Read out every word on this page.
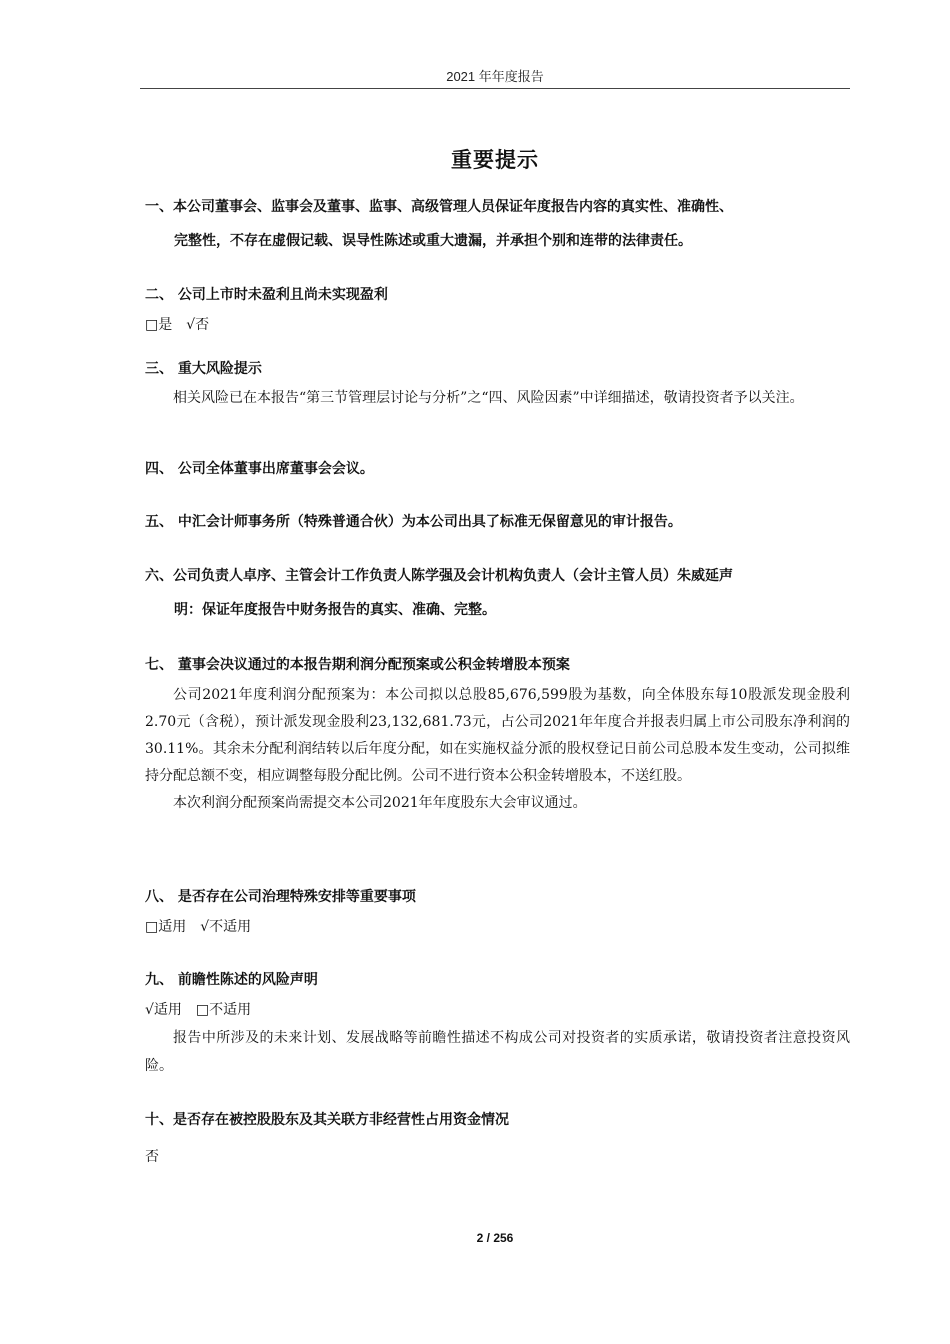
2021 年年度报告
重要提示

一、本公司董事会、监事会及董事、监事、高级管理人员保证年度报告内容的真实性、准确性、
完整性，不存在虚假记载、误导性陈述或重大遗漏，并承担个别和连带的法律责任。

二、 公司上市时未盈利且尚未实现盈利

□是 √否

三、 重大风险提示

相关风险已在本报告“第三节管理层讨论与分析”之“四、风险因素”中详细描述，敬请投资者予以关注。

四、 公司全体董事出席董事会会议。

五、 中汇会计师事务所（特殊普通合伙）为本公司出具了标准无保留意见的审计报告。

六、公司负责人卓序、主管会计工作负责人陈学强及会计机构负责人（会计主管人员）朱威延声
明：保证年度报告中财务报告的真实、准确、完整。

七、 董事会决议通过的本报告期利润分配预案或公积金转增股本预案

公司2021年度利润分配预案为：本公司拟以总股85,676,599股为基数，向全体股东每10股派发现金股利2.70元（含税），预计派发现金股利23,132,681.73元，占公司2021年年度合并报表归属上市公司股东净利润的30.11%。其余未分配利润结转以后年度分配，如在实施权益分派的股权登记日前公司总股本发生变动，公司拟维持分配总额不变，相应调整每股分配比例。公司不进行资本公积金转增股本，不送红股。

本次利润分配预案尚需提交本公司2021年年度股东大会审议通过。

八、 是否存在公司治理特殊安排等重要事项

□适用 √不适用

九、 前瞻性陈述的风险声明

√适用 □不适用

报告中所涉及的未来计划、发展战略等前瞻性描述不构成公司对投资者的实质承诺，敬请投资者注意投资风险。

十、是否存在被控股股东及其关联方非经营性占用资金情况

否

2 / 256
